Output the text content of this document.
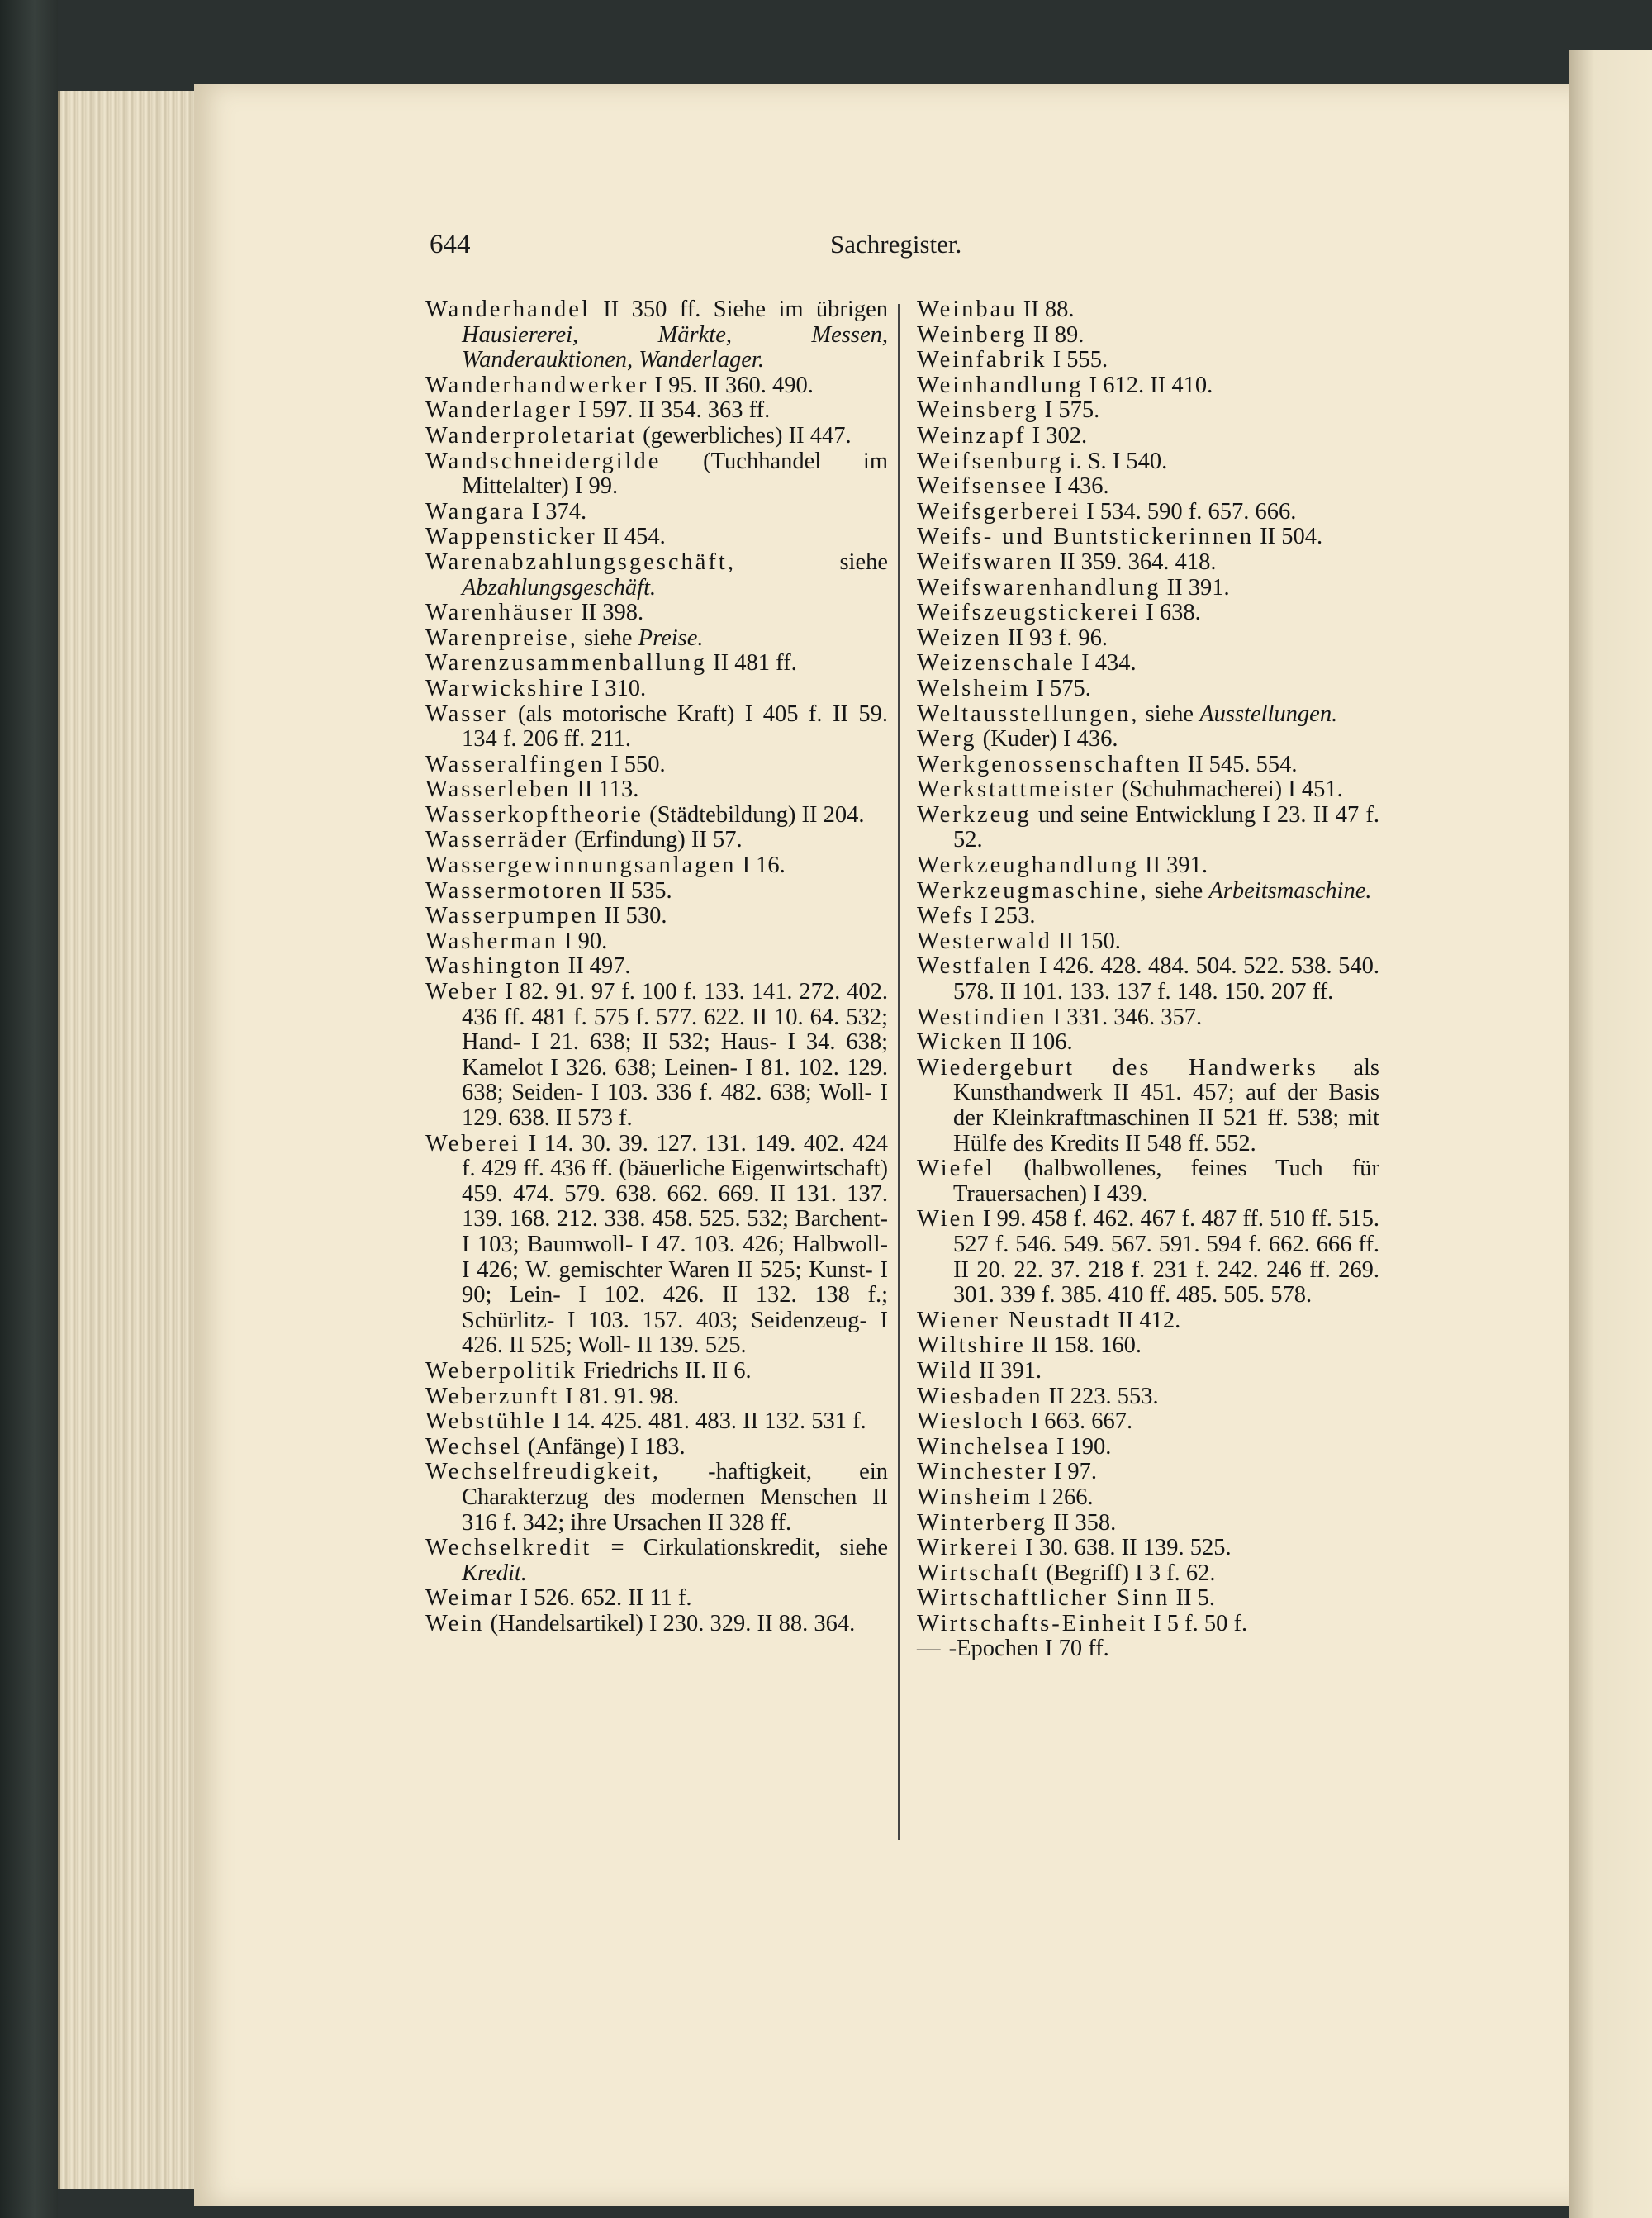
644	Sachregister.

Wanderhandel II 350 ff. Siehe im übrigen Hausiererei, Märkte, Messen, Wanderauktionen, Wanderlager.

Wanderhandwerker I 95. II 360. 490.

Wanderlager I 597. II 354. 363 ff.

Wanderproletariat (gewerbliches) II 447.

Wandschneidergilde (Tuchhandel im Mittelalter) I 99.

Wangara I 374.

Wappensticker II 454.

Warenabzahlungsgeschäft, siehe Abzahlungsgeschäft.

Warenhäuser II 398.

Warenpreise, siehe Preise.

Warenzusammenballung II 481 ff.

Warwickshire I 310.

Wasser (als motorische Kraft) I 405 f. II 59. 134 f. 206 ff. 211.

Wasseralfingen I 550.

Wasserleben II 113.

Wasserkopftheorie (Städtebildung) II 204.

Wasserräder (Erfindung) II 57.

Wassergewinnungsanlagen I 16.

Wassermotoren II 535.

Wasserpumpen II 530.

Washerman I 90.

Washington II 497.

Weber I 82. 91. 97 f. 100 f. 133. 141. 272. 402. 436 ff. 481 f. 575 f. 577. 622. II 10. 64. 532; Hand- I 21. 638; II 532; Haus- I 34. 638; Kamelot I 326. 638; Leinen- I 81. 102. 129. 638; Seiden- I 103. 336 f. 482. 638; Woll- I 129. 638. II 573 f.

Weberei I 14. 30. 39. 127. 131. 149. 402. 424 f. 429 ff. 436 ff. (bäuerliche Eigenwirtschaft) 459. 474. 579. 638. 662. 669. II 131. 137. 139. 168. 212. 338. 458. 525. 532; Barchent- I 103; Baumwoll- I 47. 103. 426; Halbwoll- I 426; W. gemischter Waren II 525; Kunst- I 90; Lein- I 102. 426. II 132. 138 f.; Schürlitz- I 103. 157. 403; Seidenzeug- I 426. II 525; Woll- II 139. 525.

Weberpolitik Friedrichs II. II 6.

Weberzunft I 81. 91. 98.

Webstühle I 14. 425. 481. 483. II 132. 531 f.

Wechsel (Anfänge) I 183.

Wechselfreudigkeit, -haftigkeit, ein Charakterzug des modernen Menschen II 316 f. 342; ihre Ursachen II 328 ff.

Wechselkredit = Cirkulationskredit, siehe Kredit.

Weimar I 526. 652. II 11 f.

Wein (Handelsartikel) I 230. 329. II 88. 364.

Weinbau II 88.

Weinberg II 89.

Weinfabrik I 555.

Weinhandlung I 612. II 410.

Weinsberg I 575.

Weinzapf I 302.

Weifsenburg i. S. I 540.

Weifsensee I 436.

Weifsgerberei I 534. 590 f. 657. 666.

Weifs- und Buntstickerinnen II 504.

Weifswaren II 359. 364. 418.

Weifswarenhandlung II 391.

Weifszeugstickerei I 638.

Weizen II 93 f. 96.

Weizenschale I 434.

Welsheim I 575.

Weltausstellungen, siehe Ausstellungen.

Werg (Kuder) I 436.

Werkgenossenschaften II 545. 554.

Werkstattmeister (Schuhmacherei) I 451.

Werkzeug und seine Entwicklung I 23. II 47 f. 52.

Werkzeughandlung II 391.

Werkzeugmaschine, siehe Arbeitsmaschine.

Wefs I 253.

Westerwald II 150.

Westfalen I 426. 428. 484. 504. 522. 538. 540. 578. II 101. 133. 137 f. 148. 150. 207 ff.

Westindien I 331. 346. 357.

Wicken II 106.

Wiedergeburt des Handwerks als Kunsthandwerk II 451. 457; auf der Basis der Kleinkraftmaschinen II 521 ff. 538; mit Hülfe des Kredits II 548 ff. 552.

Wiefel (halbwollenes, feines Tuch für Trauersachen) I 439.

Wien I 99. 458 f. 462. 467 f. 487 ff. 510 ff. 515. 527 f. 546. 549. 567. 591. 594 f. 662. 666 ff. II 20. 22. 37. 218 f. 231 f. 242. 246 ff. 269. 301. 339 f. 385. 410 ff. 485. 505. 578.

Wiener Neustadt II 412.

Wiltshire II 158. 160.

Wild II 391.

Wiesbaden II 223. 553.

Wiesloch I 663. 667.

Winchelsea I 190.

Winchester I 97.

Winsheim I 266.

Winterberg II 358.

Wirkerei I 30. 638. II 139. 525.

Wirtschaft (Begriff) I 3 f. 62.

Wirtschaftlicher Sinn II 5.

Wirtschafts-Einheit I 5 f. 50 f.

— -Epochen I 70 ff.
